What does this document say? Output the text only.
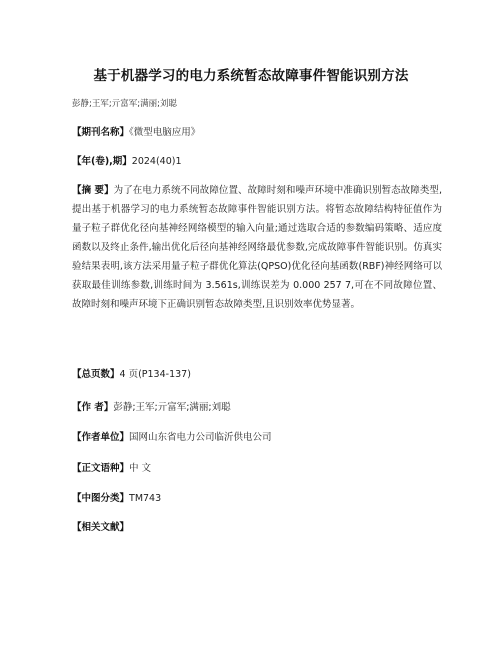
基于机器学习的电力系统暂态故障事件智能识别方法
彭静;王军;亓富军;满丽;刘聪
【期刊名称】《微型电脑应用》
【年(卷),期】2024(40)1
【摘 要】为了在电力系统不同故障位置、故障时刻和噪声环境中准确识别暂态故障类型,提出基于机器学习的电力系统暂态故障事件智能识别方法。将暂态故障结构特征值作为量子粒子群优化径向基神经网络模型的输入向量;通过选取合适的参数编码策略、适应度函数以及终止条件,输出优化后径向基神经网络最优参数,完成故障事件智能识别。仿真实验结果表明,该方法采用量子粒子群优化算法(QPSO)优化径向基函数(RBF)神经网络可以获取最佳训练参数,训练时间为 3.561s,训练误差为 0.000 257 7,可在不同故障位置、故障时刻和噪声环境下正确识别暂态故障类型,且识别效率优势显著。
【总页数】4 页(P134-137)
【作 者】彭静;王军;亓富军;满丽;刘聪
【作者单位】国网山东省电力公司临沂供电公司
【正文语种】中 文
【中图分类】TM743
【相关文献】
